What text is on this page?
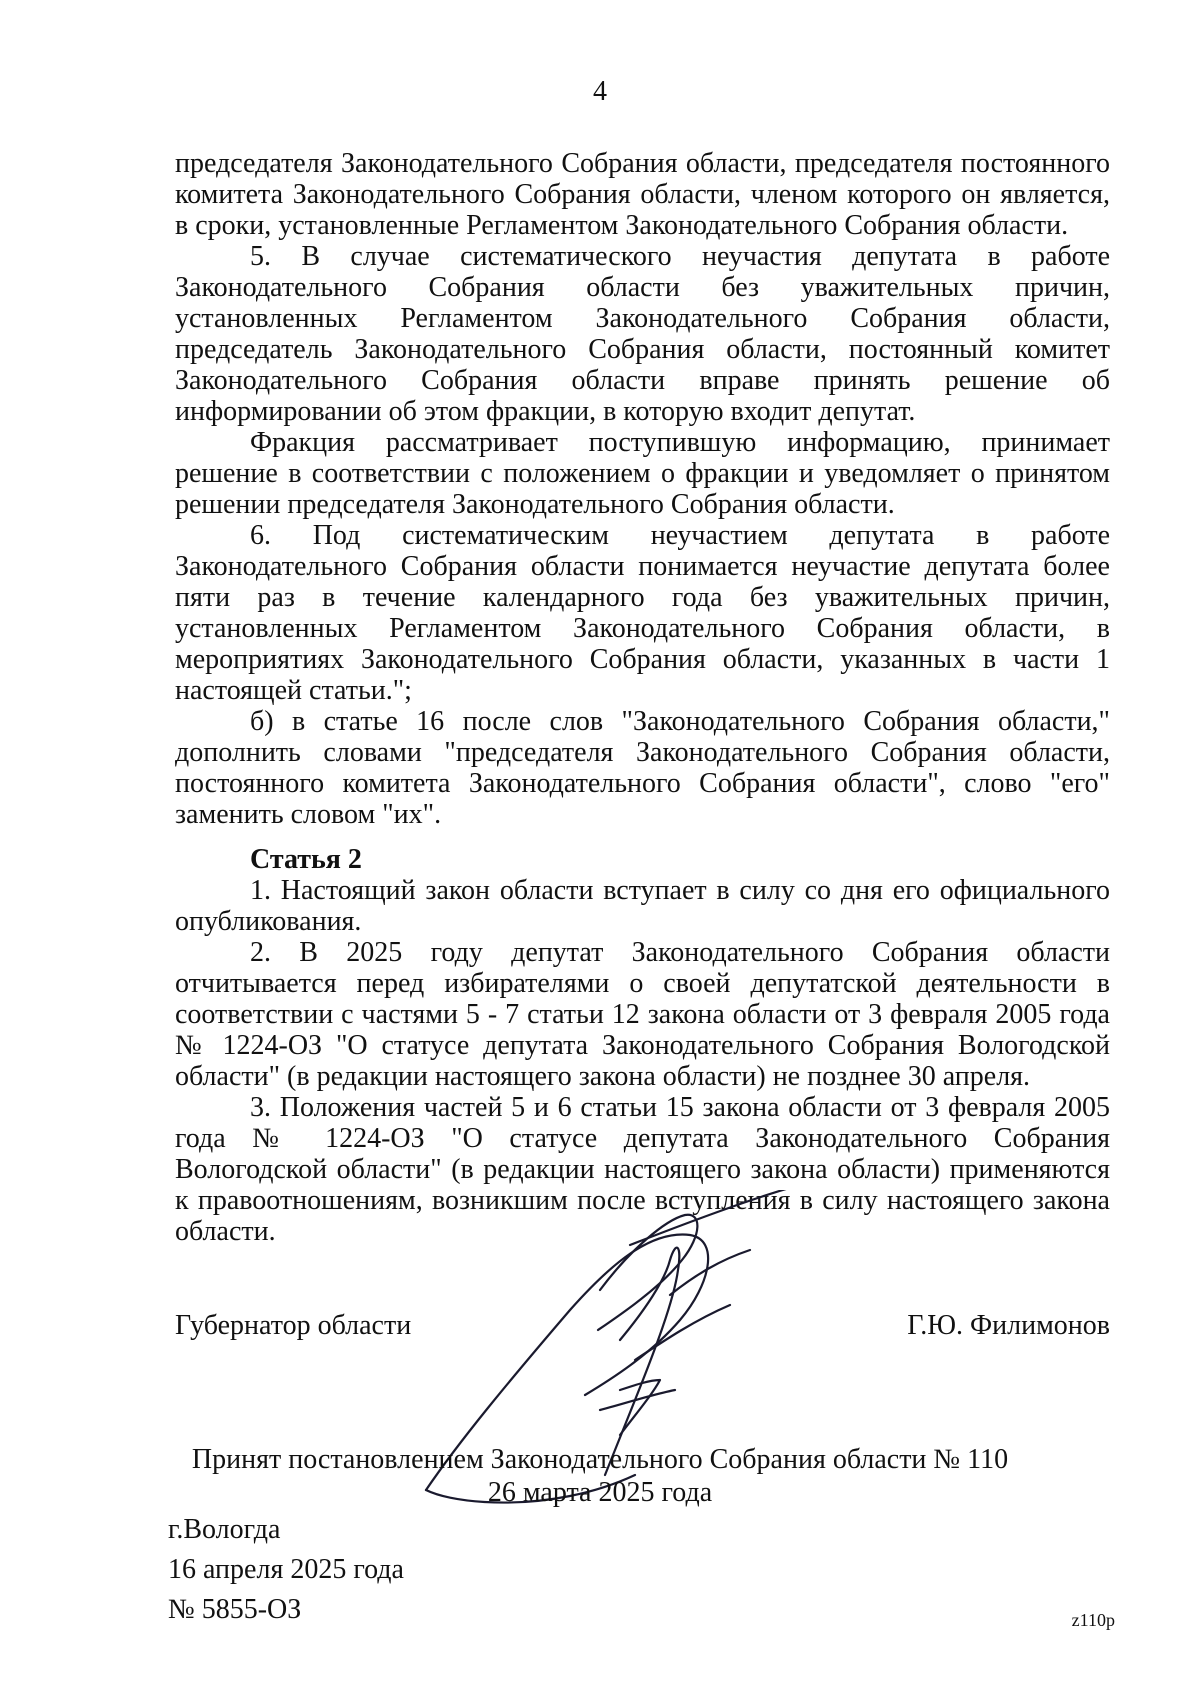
4

председателя Законодательного Собрания области, председателя постоянного комитета Законодательного Собрания области, членом которого он является, в сроки, установленные Регламентом Законодательного Собрания области.

5. В случае систематического неучастия депутата в работе Законодательного Собрания области без уважительных причин, установленных Регламентом Законодательного Собрания области, председатель Законодательного Собрания области, постоянный комитет Законодательного Собрания области вправе принять решение об информировании об этом фракции, в которую входит депутат.

Фракция рассматривает поступившую информацию, принимает решение в соответствии с положением о фракции и уведомляет о принятом решении председателя Законодательного Собрания области.

6. Под систематическим неучастием депутата в работе Законодательного Собрания области понимается неучастие депутата более пяти раз в течение календарного года без уважительных причин, установленных Регламентом Законодательного Собрания области, в мероприятиях Законодательного Собрания области, указанных в части 1 настоящей статьи.";

б) в статье 16 после слов "Законодательного Собрания области," дополнить словами "председателя Законодательного Собрания области, постоянного комитета Законодательного Собрания области", слово "его" заменить словом "их".

Статья 2

1. Настоящий закон области вступает в силу со дня его официального опубликования.

2. В 2025 году депутат Законодательного Собрания области отчитывается перед избирателями о своей депутатской деятельности в соответствии с частями 5 - 7 статьи 12 закона области от 3 февраля 2005 года № 1224-ОЗ "О статусе депутата Законодательного Собрания Вологодской области" (в редакции настоящего закона области) не позднее 30 апреля.

3. Положения частей 5 и 6 статьи 15 закона области от 3 февраля 2005 года № 1224-ОЗ "О статусе депутата Законодательного Собрания Вологодской области" (в редакции настоящего закона области) применяются к правоотношениям, возникшим после вступления в силу настоящего закона области.

Губернатор области	Г.Ю. Филимонов
Принят постановлением Законодательного Собрания области № 110
26 марта 2025 года
г.Вологда
16 апреля 2025 года
№ 5855-ОЗ	z110p
